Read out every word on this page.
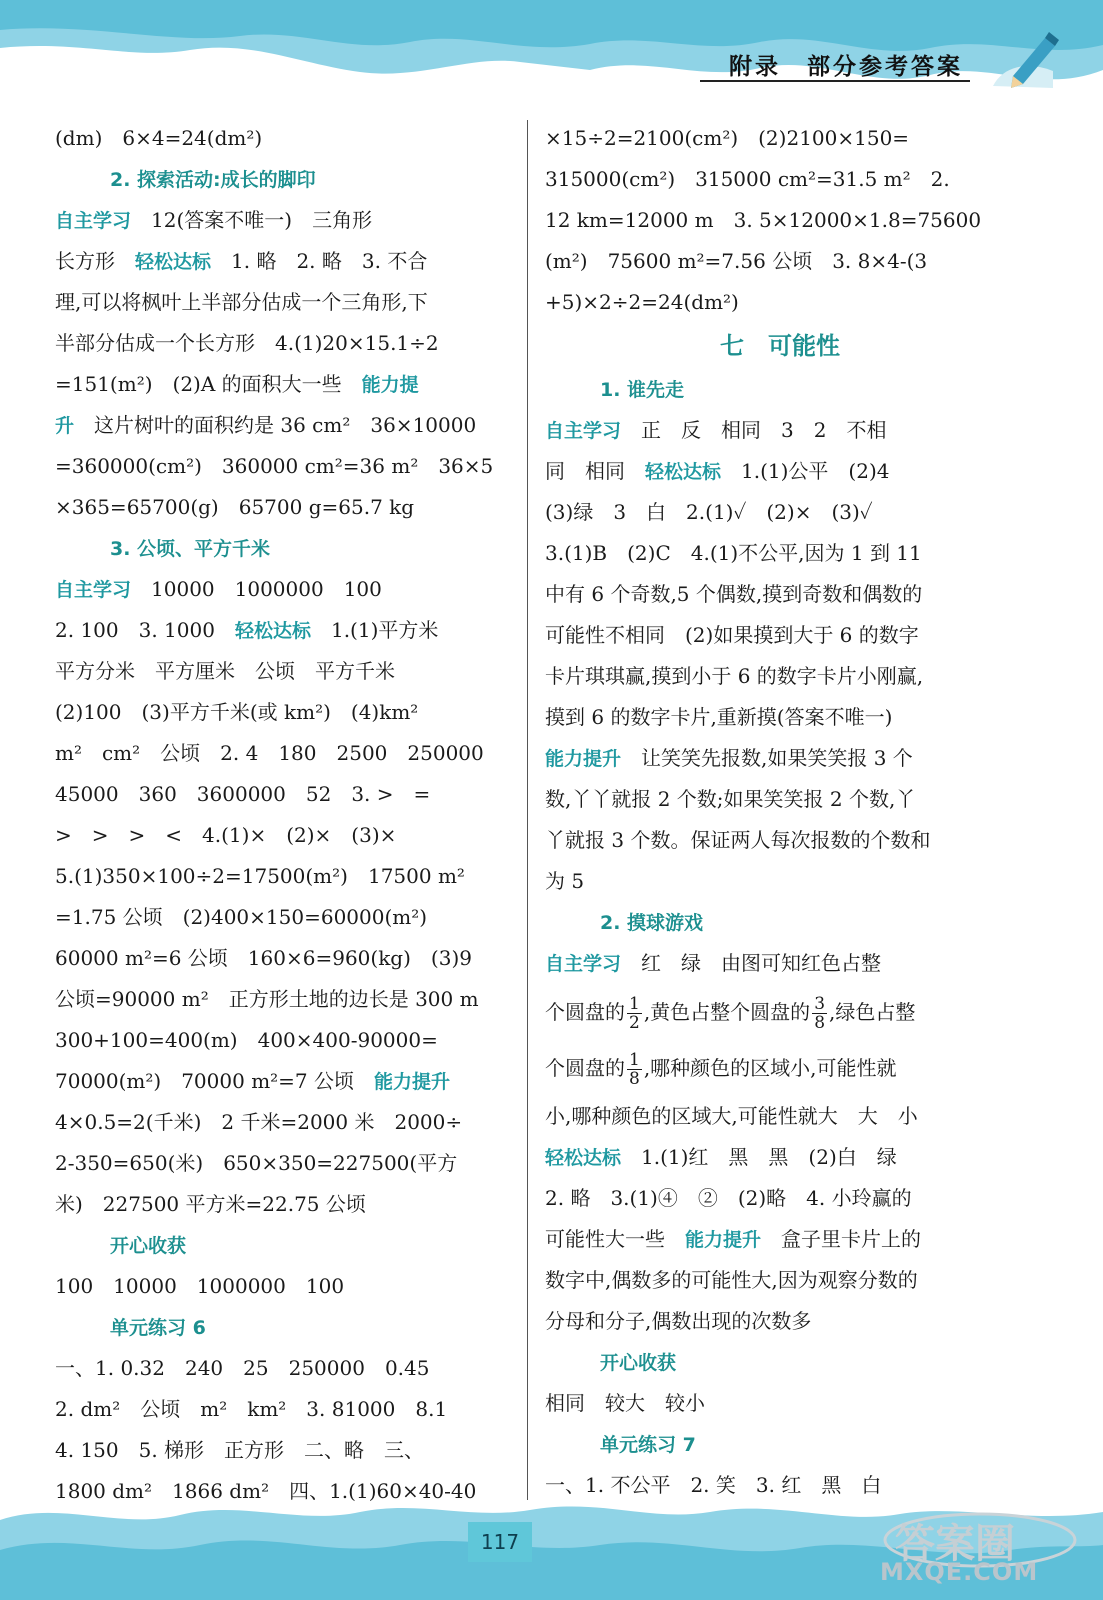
附录　部分参考答案
(dm)　6×4=24(dm²)
2. 探索活动:成长的脚印
自主学习　12(答案不唯一)　三角形
长方形　轻松达标　1. 略　2. 略　3. 不合
理,可以将枫叶上半部分估成一个三角形,下
半部分估成一个长方形　4.(1)20×15.1÷2
=151(m²)　(2)A 的面积大一些　能力提
升　这片树叶的面积约是 36 cm²　36×10000
=360000(cm²)　360000 cm²=36 m²　36×5
×365=65700(g)　65700 g=65.7 kg
3. 公顷、平方千米
自主学习　10000　1000000　100
2. 100　3. 1000　轻松达标　1.(1)平方米
平方分米　平方厘米　公顷　平方千米
(2)100　(3)平方千米(或 km²)　(4)km²
m²　cm²　公顷　2. 4　180　2500　250000
45000　360　3600000　52　3. >　=
>　>　>　<　4.(1)×　(2)×　(3)×
5.(1)350×100÷2=17500(m²)　17500 m²
=1.75 公顷　(2)400×150=60000(m²)
60000 m²=6 公顷　160×6=960(kg)　(3)9
公顷=90000 m²　正方形土地的边长是 300 m
300+100=400(m)　400×400-90000=
70000(m²)　70000 m²=7 公顷　能力提升
4×0.5=2(千米)　2 千米=2000 米　2000÷
2-350=650(米)　650×350=227500(平方
米)　227500 平方米=22.75 公顷
开心收获
100　10000　1000000　100
单元练习 6
一、1. 0.32　240　25　250000　0.45
2. dm²　公顷　m²　km²　3. 81000　8.1
4. 150　5. 梯形　正方形　二、略　三、
1800 dm²　1866 dm²　四、1.(1)60×40-40
×15÷2=2100(cm²)　(2)2100×150=
315000(cm²)　315000 cm²=31.5 m²　2.
12 km=12000 m　3. 5×12000×1.8=75600
(m²)　75600 m²=7.56 公顷　3. 8×4-(3
+5)×2÷2=24(dm²)
七　可能性
1. 谁先走
自主学习　正　反　相同　3　2　不相
同　相同　轻松达标　1.(1)公平　(2)4
(3)绿　3　白　2.(1)✓　(2)×　(3)✓
3.(1)B　(2)C　4.(1)不公平,因为 1 到 11
中有 6 个奇数,5 个偶数,摸到奇数和偶数的
可能性不相同　(2)如果摸到大于 6 的数字
卡片琪琪赢,摸到小于 6 的数字卡片小刚赢,
摸到 6 的数字卡片,重新摸(答案不唯一)
能力提升　让笑笑先报数,如果笑笑报 3 个
数,丫丫就报 2 个数;如果笑笑报 2 个数,丫
丫就报 3 个数。保证两人每次报数的个数和
为 5
2. 摸球游戏
自主学习　红　绿　由图可知红色占整
个圆盘的 $\frac{1}{2}$ ,黄色占整个圆盘的 $\frac{3}{8}$ ,绿色占整
个圆盘的 $\frac{1}{8}$ ,哪种颜色的区域小,可能性就
小,哪种颜色的区域大,可能性就大　大　小
轻松达标　1.(1)红　黑　黑　(2)白　绿
2. 略　3.(1)④　②　(2)略　4. 小玲赢的
可能性大一些　能力提升　盒子里卡片上的
数字中,偶数多的可能性大,因为观察分数的
分母和分子,偶数出现的次数多
开心收获
相同　较大　较小
单元练习 7
一、1. 不公平　2. 笑　3. 红　黑　白
117	答案圈
MXQE.COM
